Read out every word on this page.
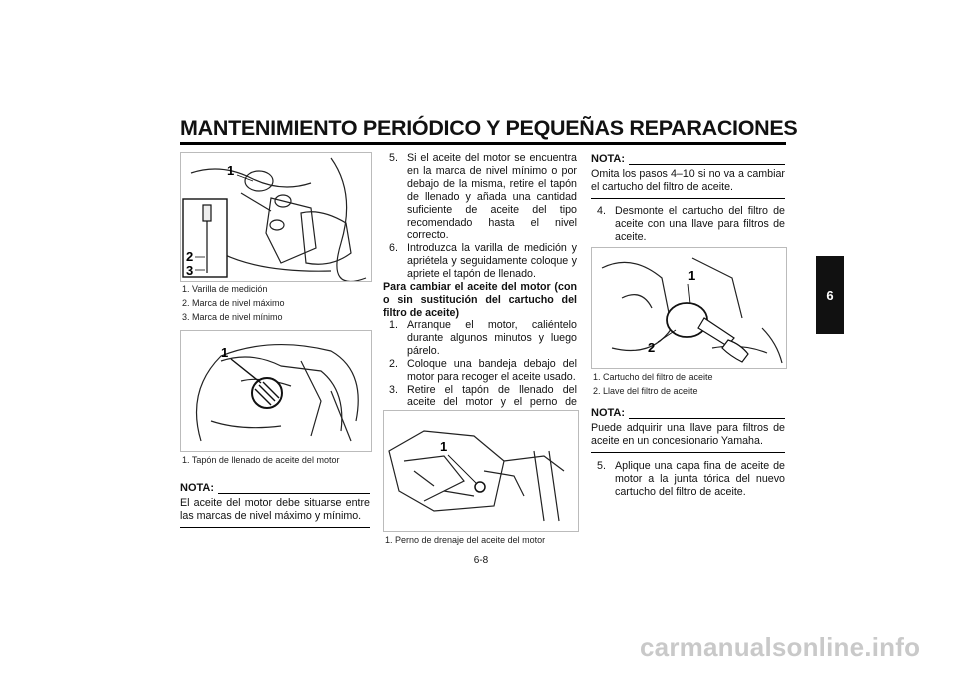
MANTENIMIENTO PERIÓDICO Y PEQUEÑAS REPARACIONES
6
1
2
3
1. Varilla de medición
2. Marca de nivel máximo
3. Marca de nivel mínimo
1
1. Tapón de llenado de aceite del motor
NOTA:
El aceite del motor debe situarse entre las marcas de nivel máximo y mínimo.
5. Si el aceite del motor se encuentra en la marca de nivel mínimo o por debajo de la misma, retire el tapón de llenado y añada una cantidad suficiente de aceite del tipo recomendado hasta el nivel correcto.
6. Introduzca la varilla de medición y apriétela y seguidamente coloque y apriete el tapón de llenado.
Para cambiar el aceite del motor (con o sin sustitución del cartucho del filtro de aceite)
1. Arranque el motor, caliéntelo durante algunos minutos y luego párelo.
2. Coloque una bandeja debajo del motor para recoger el aceite usado.
3. Retire el tapón de llenado del aceite del motor y el perno de drenaje para vaciar el aceite del cárter.
1
1. Perno de drenaje del aceite del motor
NOTA:
Omita los pasos 4–10 si no va a cambiar el cartucho del filtro de aceite.
4. Desmonte el cartucho del filtro de aceite con una llave para filtros de aceite.
1
2
1. Cartucho del filtro de aceite
2. Llave del filtro de aceite
NOTA:
Puede adquirir una llave para filtros de aceite en un concesionario Yamaha.
5. Aplique una capa fina de aceite de motor a la junta tórica del nuevo cartucho del filtro de aceite.
6-8
carmanualsonline.info
